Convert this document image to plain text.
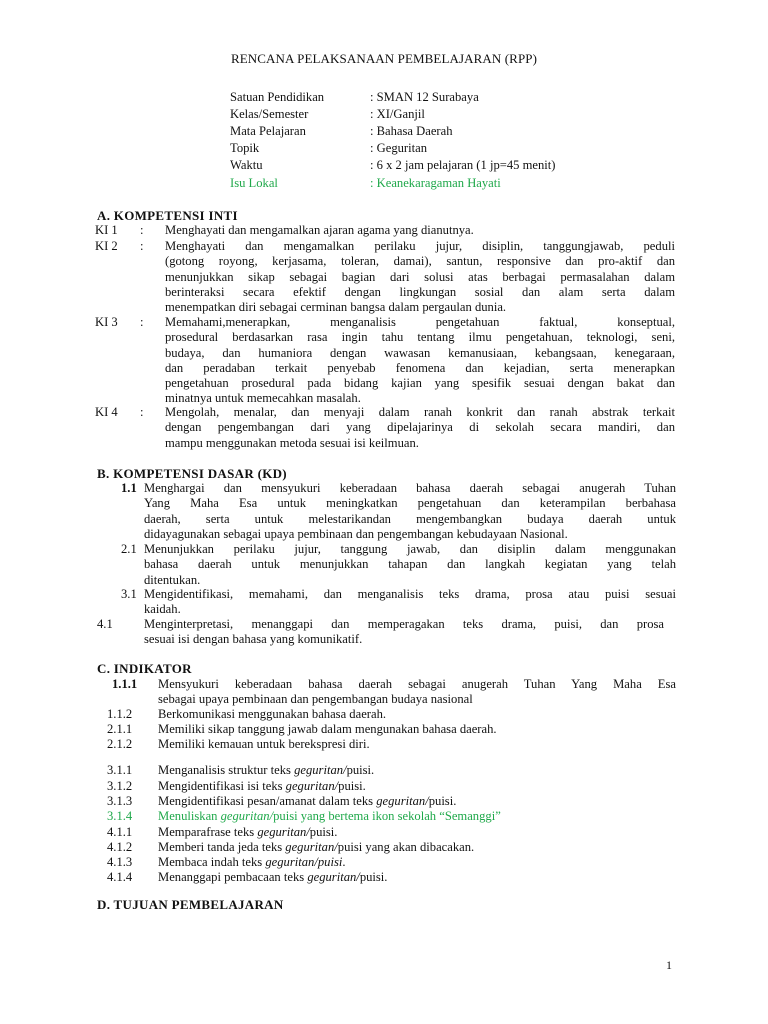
RENCANA PELAKSANAAN PEMBELAJARAN (RPP)
Satuan Pendidikan	: SMAN 12 Surabaya
Kelas/Semester	: XI/Ganjil
Mata Pelajaran	: Bahasa Daerah
Topik	: Geguritan
Waktu	: 6 x 2 jam pelajaran (1 jp=45 menit)
Isu Lokal	: Keanekaragaman Hayati
A. KOMPETENSI INTI
KI 1 : Menghayati dan mengamalkan ajaran agama yang dianutnya.
KI 2 : Menghayati dan mengamalkan perilaku jujur, disiplin, tanggungjawab, peduli
(gotong royong, kerjasama, toleran, damai), santun, responsive dan pro-aktif dan
menunjukkan sikap sebagai bagian dari solusi atas berbagai permasalahan dalam
berinteraksi secara efektif dengan lingkungan sosial dan alam serta dalam
menempatkan diri sebagai cerminan bangsa dalam pergaulan dunia.
KI 3 : Memahami,menerapkan, menganalisis pengetahuan faktual, konseptual,
prosedural berdasarkan rasa ingin tahu tentang ilmu pengetahuan, teknologi, seni,
budaya, dan humaniora dengan wawasan kemanusiaan, kebangsaan, kenegaraan,
dan peradaban terkait penyebab fenomena dan kejadian, serta menerapkan
pengetahuan prosedural pada bidang kajian yang spesifik sesuai dengan bakat dan
minatnya untuk memecahkan masalah.
KI 4 : Mengolah, menalar, dan menyaji dalam ranah konkrit dan ranah abstrak terkait
dengan pengembangan dari yang dipelajarinya di sekolah secara mandiri, dan
mampu menggunakan metoda sesuai isi keilmuan.
B. KOMPETENSI DASAR (KD)
1.1 Menghargai dan mensyukuri keberadaan bahasa daerah sebagai anugerah Tuhan
Yang Maha Esa untuk meningkatkan pengetahuan dan keterampilan berbahasa
daerah, serta untuk melestarikandan mengembangkan budaya daerah untuk
didayagunakan sebagai upaya pembinaan dan pengembangan kebudayaan Nasional.
2.1 Menunjukkan perilaku jujur, tanggung jawab, dan disiplin dalam menggunakan
bahasa daerah untuk menunjukkan tahapan dan langkah kegiatan yang telah
ditentukan.
3.1 Mengidentifikasi, memahami, dan menganalisis teks drama, prosa atau puisi sesuai
kaidah.
4.1 Menginterpretasi, menanggapi dan memperagakan teks drama, puisi, dan prosa
sesuai isi dengan bahasa yang komunikatif.
C. INDIKATOR
1.1.1 Mensyukuri keberadaan bahasa daerah sebagai anugerah Tuhan Yang Maha Esa
sebagai upaya pembinaan dan pengembangan budaya nasional
1.1.2 Berkomunikasi menggunakan bahasa daerah.
2.1.1 Memiliki sikap tanggung jawab dalam mengunakan bahasa daerah.
2.1.2 Memiliki kemauan untuk berekspresi diri.
3.1.1 Menganalisis struktur teks geguritan/puisi.
3.1.2 Mengidentifikasi isi teks geguritan/puisi.
3.1.3 Mengidentifikasi pesan/amanat dalam teks geguritan/puisi.
3.1.4 Menuliskan geguritan/puisi yang bertema ikon sekolah “Semanggi”
4.1.1 Memparafrase teks geguritan/puisi.
4.1.2 Memberi tanda jeda teks geguritan/puisi yang akan dibacakan.
4.1.3 Membaca indah teks geguritan/puisi.
4.1.4 Menanggapi pembacaan teks geguritan/puisi.
D. TUJUAN PEMBELAJARAN
1
